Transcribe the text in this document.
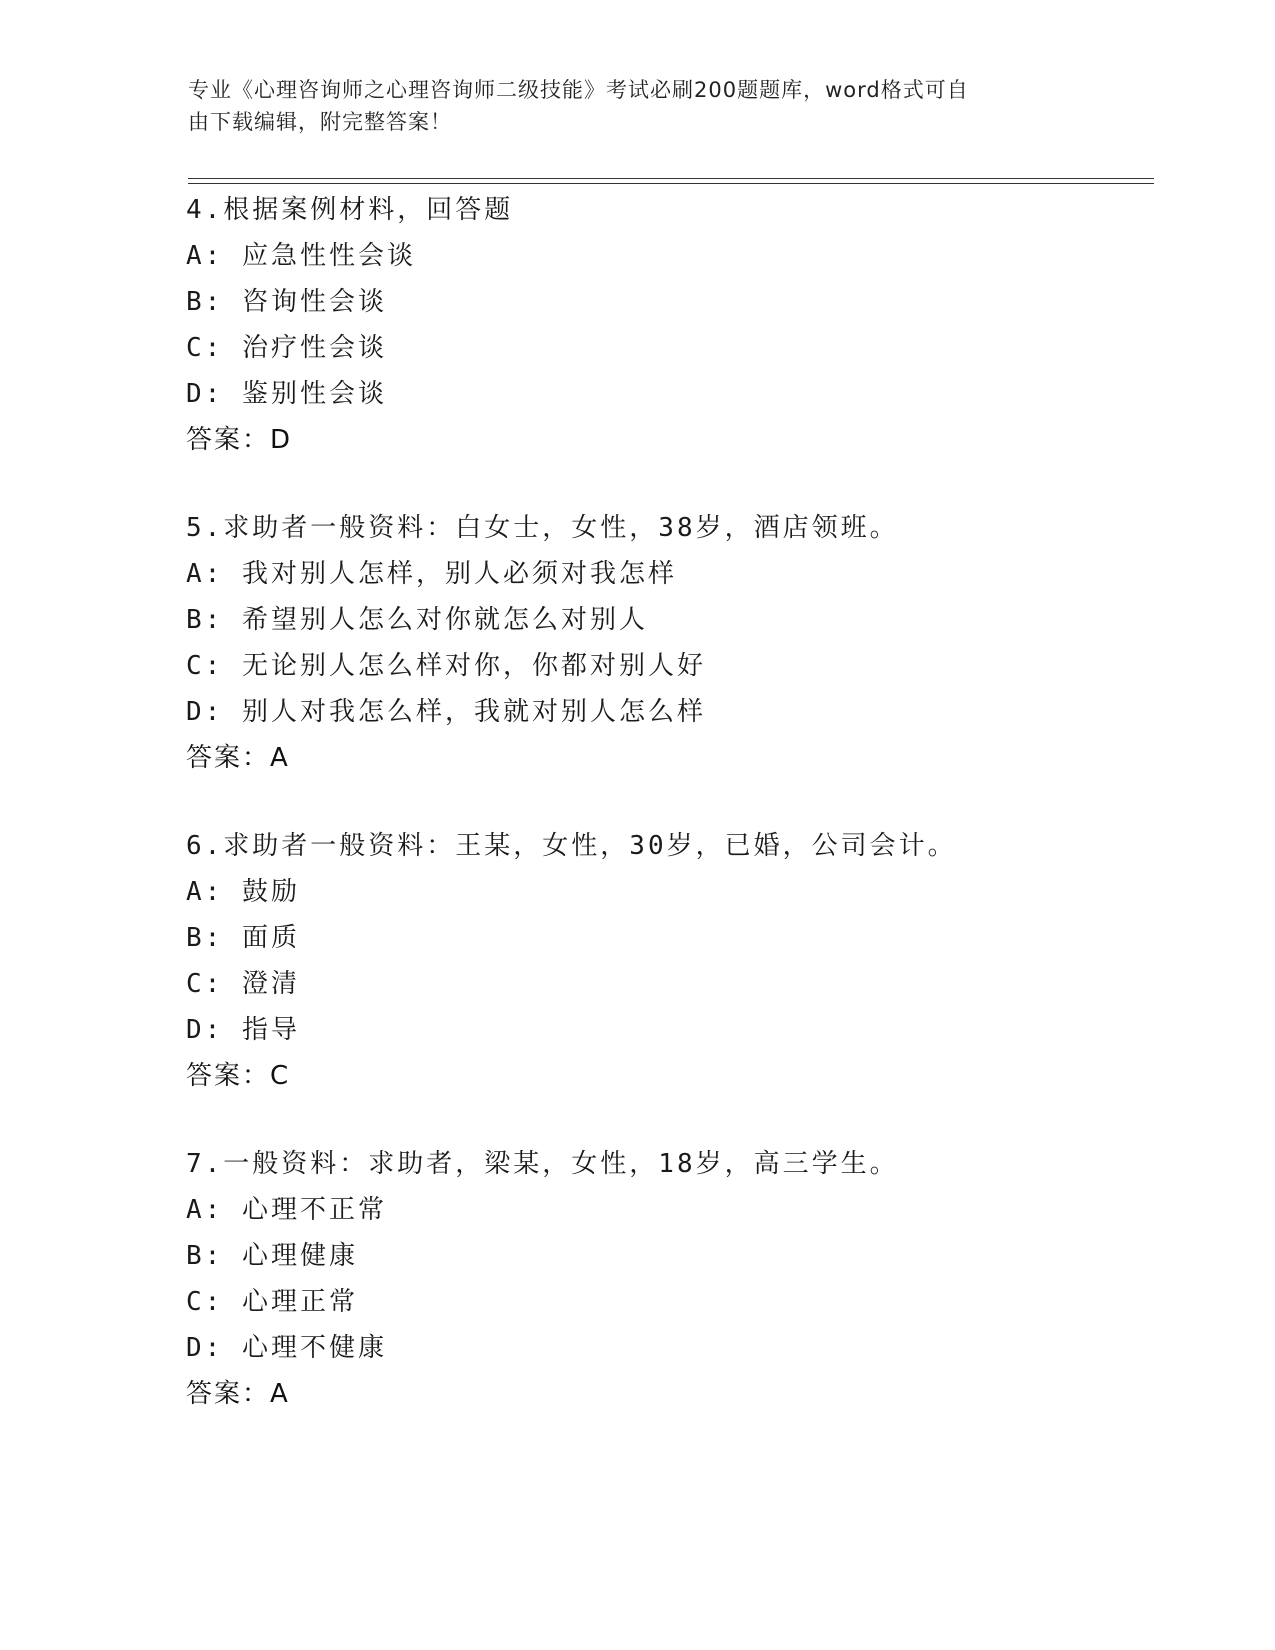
专业《心理咨询师之心理咨询师二级技能》考试必刷200题题库，word格式可自
由下载编辑，附完整答案！
4.根据案例材料，回答题
A: 应急性性会谈
B: 咨询性会谈
C: 治疗性会谈
D: 鉴别性会谈
答案：D
5.求助者一般资料：白女士，女性，38岁，酒店领班。
A: 我对别人怎样，别人必须对我怎样
B: 希望别人怎么对你就怎么对别人
C: 无论别人怎么样对你，你都对别人好
D: 别人对我怎么样，我就对别人怎么样
答案：A
6.求助者一般资料：王某，女性，30岁，已婚，公司会计。
A: 鼓励
B: 面质
C: 澄清
D: 指导
答案：C
7.一般资料：求助者，梁某，女性，18岁，高三学生。
A: 心理不正常
B: 心理健康
C: 心理正常
D: 心理不健康
答案：A
